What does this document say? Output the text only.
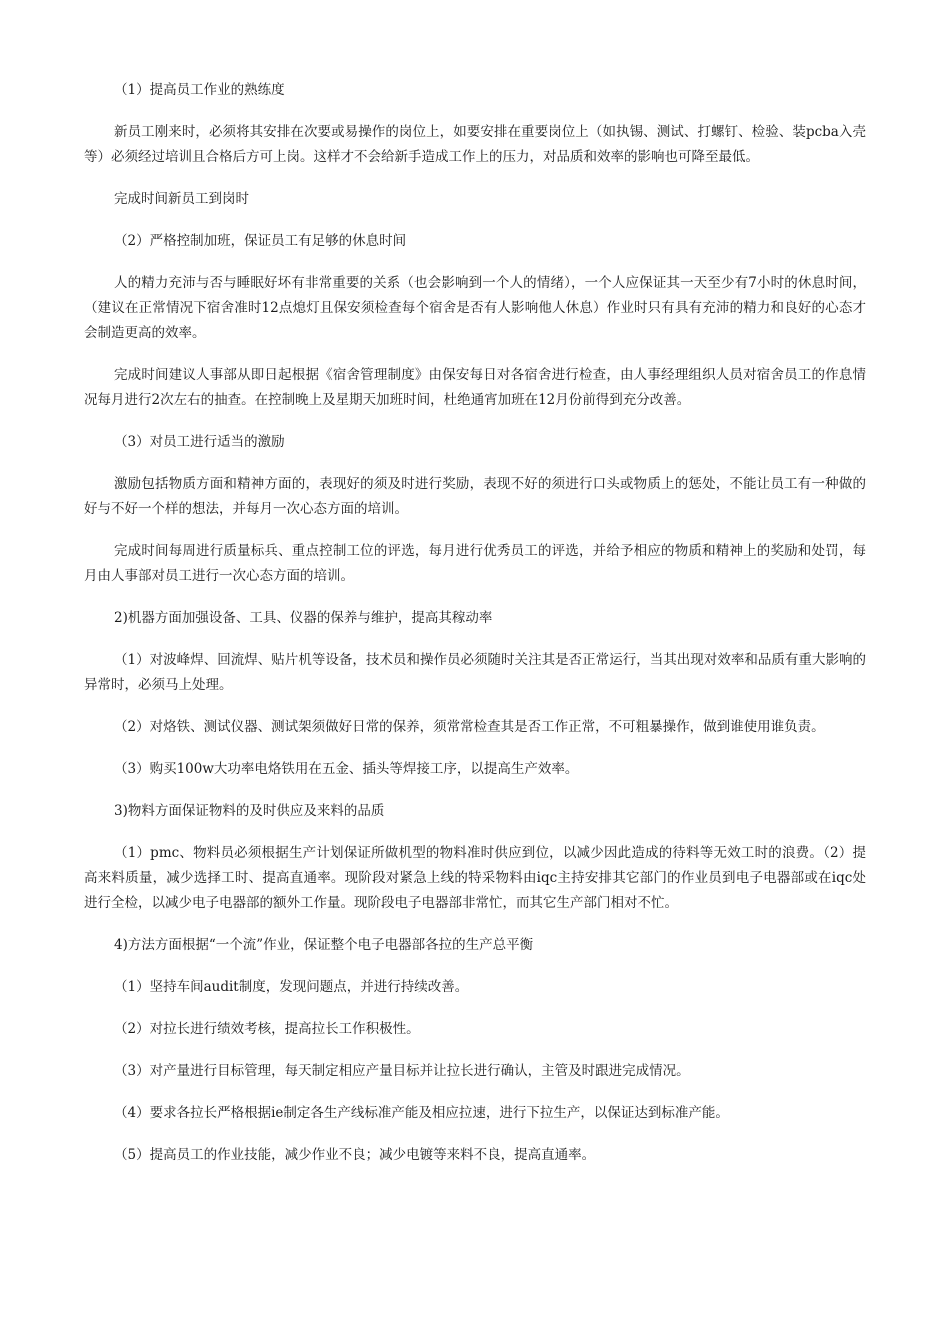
（1）提高员工作业的熟练度

新员工刚来时，必须将其安排在次要或易操作的岗位上，如要安排在重要岗位上（如执锡、测试、打螺钉、检验、装pcba入壳等）必须经过培训且合格后方可上岗。这样才不会给新手造成工作上的压力，对品质和效率的影响也可降至最低。

完成时间新员工到岗时

（2）严格控制加班，保证员工有足够的休息时间

人的精力充沛与否与睡眠好坏有非常重要的关系（也会影响到一个人的情绪），一个人应保证其一天至少有7小时的休息时间，（建议在正常情况下宿舍准时12点熄灯且保安须检查每个宿舍是否有人影响他人休息）作业时只有具有充沛的精力和良好的心态才会制造更高的效率。

完成时间建议人事部从即日起根据《宿舍管理制度》由保安每日对各宿舍进行检查，由人事经理组织人员对宿舍员工的作息情况每月进行2次左右的抽查。在控制晚上及星期天加班时间，杜绝通宵加班在12月份前得到充分改善。

（3）对员工进行适当的激励

激励包括物质方面和精神方面的，表现好的须及时进行奖励，表现不好的须进行口头或物质上的惩处，不能让员工有一种做的好与不好一个样的想法，并每月一次心态方面的培训。

完成时间每周进行质量标兵、重点控制工位的评选，每月进行优秀员工的评选，并给予相应的物质和精神上的奖励和处罚，每月由人事部对员工进行一次心态方面的培训。

2)机器方面加强设备、工具、仪器的保养与维护，提高其稼动率

（1）对波峰焊、回流焊、贴片机等设备，技术员和操作员必须随时关注其是否正常运行，当其出现对效率和品质有重大影响的异常时，必须马上处理。

（2）对烙铁、测试仪器、测试架须做好日常的保养，须常常检查其是否工作正常，不可粗暴操作，做到谁使用谁负责。

（3）购买100w大功率电烙铁用在五金、插头等焊接工序，以提高生产效率。

3)物料方面保证物料的及时供应及来料的品质

（1）pmc、物料员必须根据生产计划保证所做机型的物料准时供应到位，以减少因此造成的待料等无效工时的浪费。（2）提高来料质量，减少选择工时、提高直通率。现阶段对紧急上线的特采物料由iqc主持安排其它部门的作业员到电子电器部或在iqc处进行全检，以减少电子电器部的额外工作量。现阶段电子电器部非常忙，而其它生产部门相对不忙。

4)方法方面根据“一个流”作业，保证整个电子电器部各拉的生产总平衡

（1）坚持车间audit制度，发现问题点，并进行持续改善。

（2）对拉长进行绩效考核，提高拉长工作积极性。

（3）对产量进行目标管理，每天制定相应产量目标并让拉长进行确认，主管及时跟进完成情况。

（4）要求各拉长严格根据ie制定各生产线标准产能及相应拉速，进行下拉生产，以保证达到标准产能。

（5）提高员工的作业技能，减少作业不良；减少电镀等来料不良，提高直通率。
